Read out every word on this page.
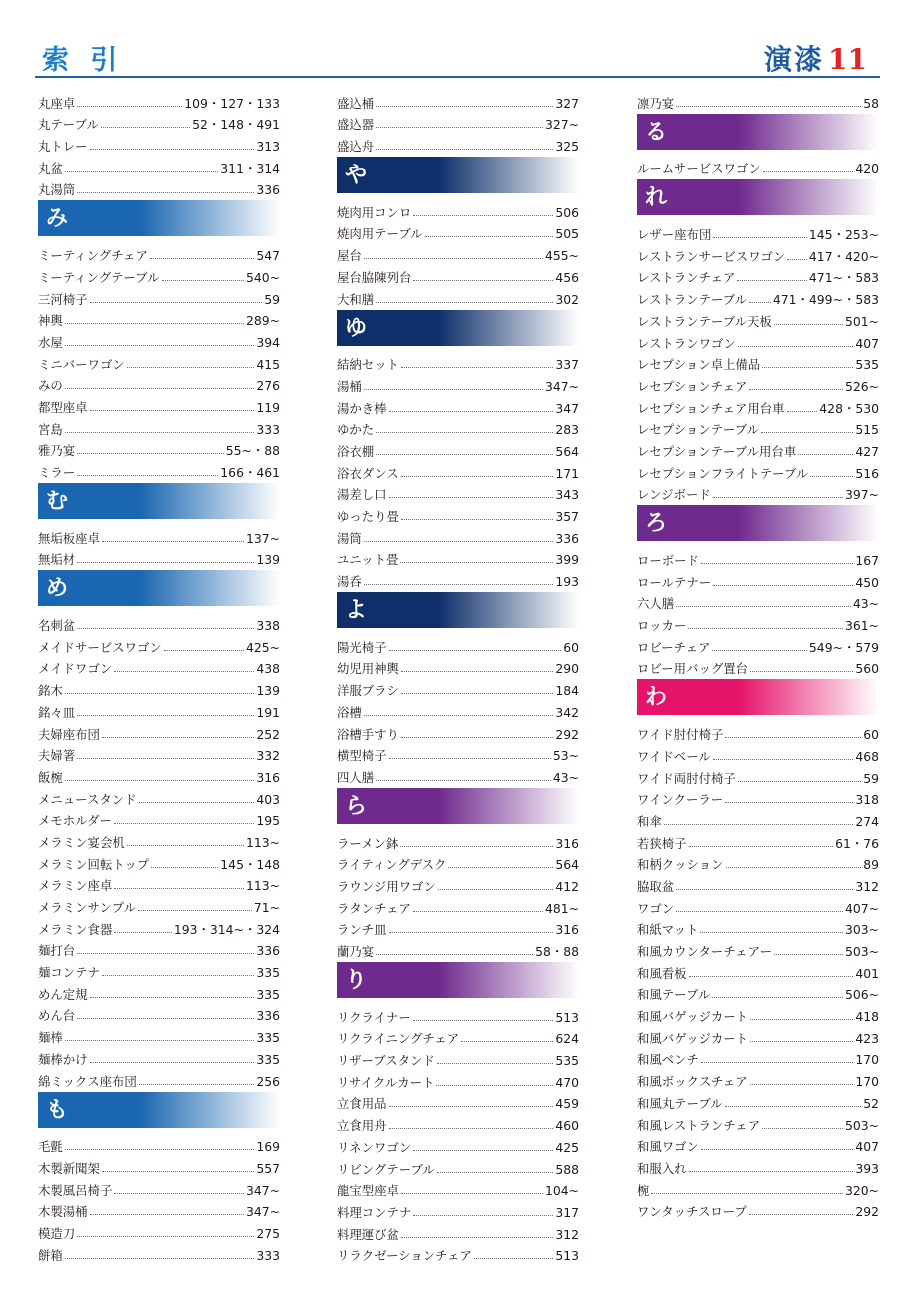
索 引	演漆 11
丸座卓	109・127・133
丸テーブル	52・148・491
丸トレー	313
丸盆	311・314
丸湯筒	336
み
ミーティングチェア	547
ミーティングテーブル	540~
三河椅子	59
神輿	289~
水屋	394
ミニバーワゴン	415
みの	276
都型座卓	119
宮島	333
雅乃宴	55~・88
ミラー	166・461
む
無垢板座卓	137~
無垢材	139
め
名刺盆	338
メイドサービスワゴン	425~
メイドワゴン	438
銘木	139
銘々皿	191
夫婦座布団	252
夫婦箸	332
飯椀	316
メニュースタンド	403
メモホルダー	195
メラミン宴会机	113~
メラミン回転トップ	145・148
メラミン座卓	113~
メラミンサンプル	71~
メラミン食器	193・314~・324
麺打台	336
麺コンテナ	335
めん定規	335
めん台	336
麺棒	335
麺棒かけ	335
綿ミックス座布団	256
も
毛氈	169
木製新聞架	557
木製風呂椅子	347~
木製湯桶	347~
模造刀	275
餅箱	333
盛込桶	327
盛込器	327~
盛込舟	325
や
焼肉用コンロ	506
焼肉用テーブル	505
屋台	455~
屋台脇陳列台	456
大和膳	302
ゆ
結納セット	337
湯桶	347~
湯かき棒	347
ゆかた	283
浴衣棚	564
浴衣ダンス	171
湯差し口	343
ゆったり畳	357
湯筒	336
ユニット畳	399
湯呑	193
よ
陽光椅子	60
幼児用神輿	290
洋服ブラシ	184
浴槽	342
浴槽手すり	292
横型椅子	53~
四人膳	43~
ら
ラーメン鉢	316
ライティングデスク	564
ラウンジ用ワゴン	412
ラタンチェア	481~
ランチ皿	316
蘭乃宴	58・88
り
リクライナー	513
リクライニングチェア	624
リザーブスタンド	535
リサイクルカート	470
立食用品	459
立食用舟	460
リネンワゴン	425
リビングテーブル	588
龍宝型座卓	104~
料理コンテナ	317
料理運び盆	312
リラクゼーションチェア	513
凛乃宴	58
る
ルームサービスワゴン	420
れ
レザー座布団	145・253~
レストランサービスワゴン 417・420~
レストランチェア	471~・583
レストランテーブル 471・499~・583
レストランテーブル天板	501~
レストランワゴン	407
レセプション卓上備品	535
レセプションチェア	526~
レセプションチェア用台車	428・530
レセプションテーブル	515
レセプションテーブル用台車	427
レセプションフライトテーブル	516
レンジボード	397~
ろ
ローボード	167
ロールテナー	450
六人膳	43~
ロッカー	361~
ロビーチェア	549~・579
ロビー用バッグ置台	560
わ
ワイド肘付椅子	60
ワイドベール	468
ワイド両肘付椅子	59
ワインクーラー	318
和傘	274
若狭椅子	61・76
和柄クッション	89
脇取盆	312
ワゴン	407~
和紙マット	303~
和風カウンターチェアー	503~
和風看板	401
和風テーブル	506~
和風バゲッジカート	418
和風バゲッジカート	423
和風ベンチ	170
和風ボックスチェア	170
和風丸テーブル	52
和風レストランチェア	503~
和風ワゴン	407
和服入れ	393
椀	320~
ワンタッチスロープ	292
